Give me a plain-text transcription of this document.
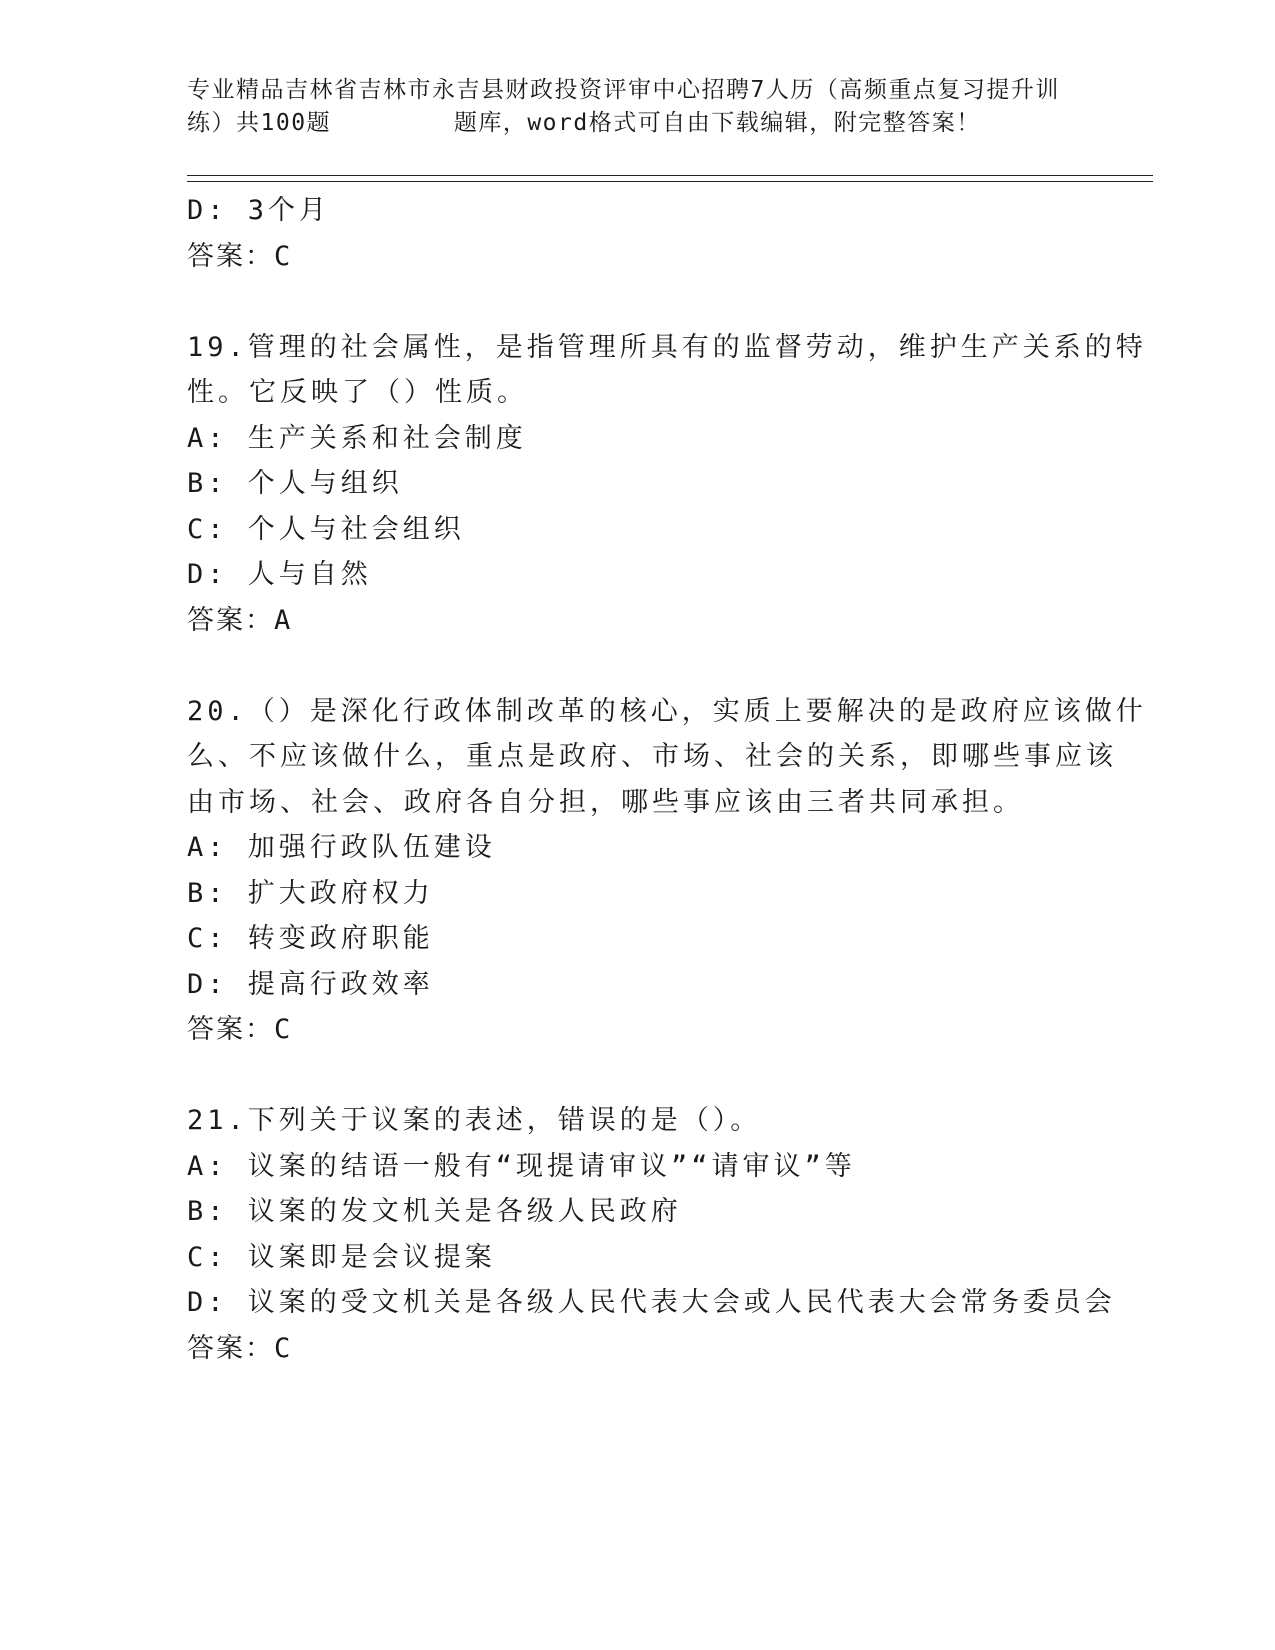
专业精品吉林省吉林市永吉县财政投资评审中心招聘7人历（高频重点复习提升训
练）共100题        题库，word格式可自由下载编辑，附完整答案！
D: 3个月
答案：C
19.管理的社会属性，是指管理所具有的监督劳动，维护生产关系的特
性。它反映了（）性质。
A: 生产关系和社会制度
B: 个人与组织
C: 个人与社会组织
D: 人与自然
答案：A
20.（）是深化行政体制改革的核心，实质上要解决的是政府应该做什
么、不应该做什么，重点是政府、市场、社会的关系，即哪些事应该
由市场、社会、政府各自分担，哪些事应该由三者共同承担。
A: 加强行政队伍建设
B: 扩大政府权力
C: 转变政府职能
D: 提高行政效率
答案：C
21.下列关于议案的表述，错误的是（）。
A: 议案的结语一般有“现提请审议”“请审议”等
B: 议案的发文机关是各级人民政府
C: 议案即是会议提案
D: 议案的受文机关是各级人民代表大会或人民代表大会常务委员会
答案：C
